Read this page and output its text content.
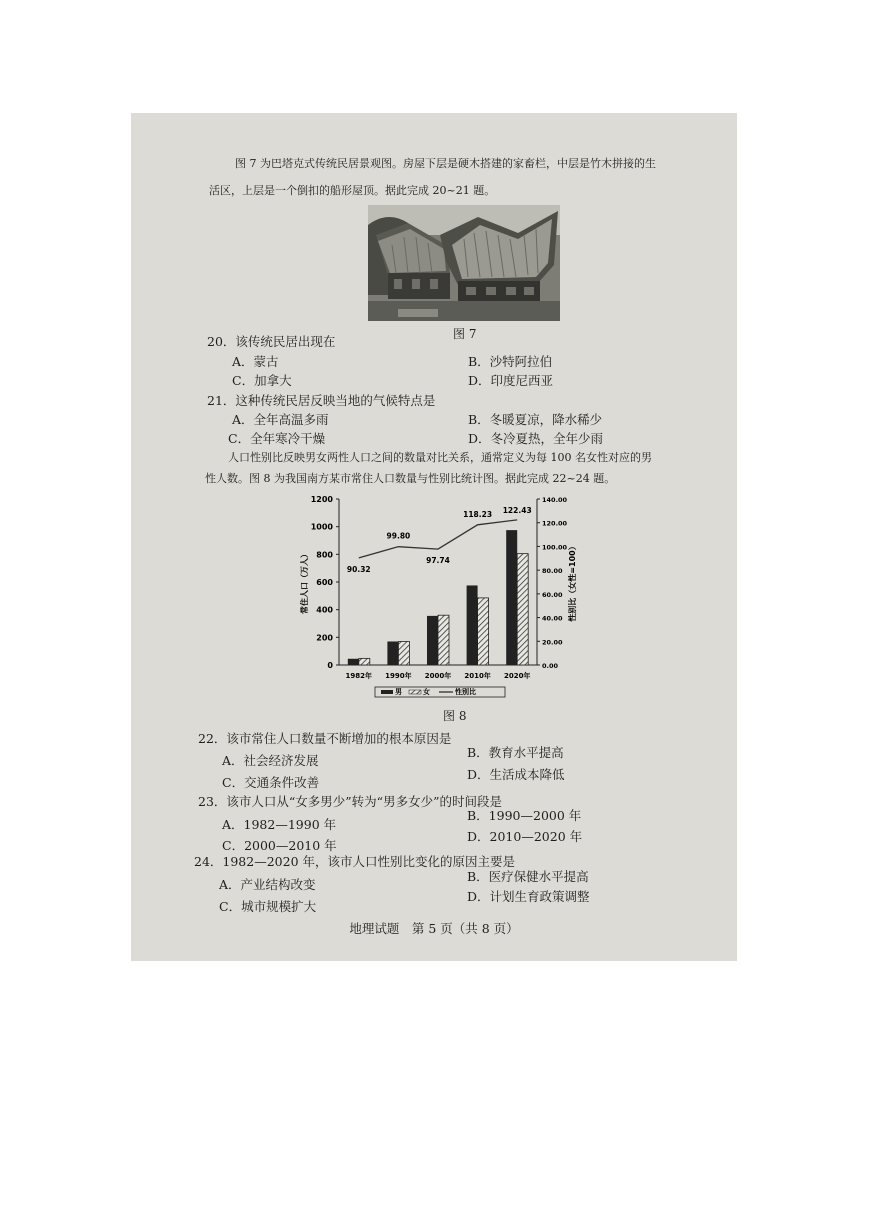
图 7 为巴塔克式传统民居景观图。房屋下层是硬木搭建的家畜栏，中层是竹木拼接的生
活区，上层是一个倒扣的船形屋顶。据此完成 20~21 题。
图 7
20．该传统民居出现在
A．蒙古	B．沙特阿拉伯
C．加拿大	D．印度尼西亚
21．这种传统民居反映当地的气候特点是
A．全年高温多雨	B．冬暖夏凉，降水稀少
C．全年寒冷干燥	D．冬冷夏热，全年少雨
人口性别比反映男女两性人口之间的数量对比关系，通常定义为每 100 名女性对应的男
性人数。图 8 为我国南方某市常住人口数量与性别比统计图。据此完成 22~24 题。
0
200
400
600
800
1000
1200
0.00
20.00
40.00
60.00
80.00
100.00
120.00
140.00
常住人口（万人）	性别比（女性=100）
1982年 1990年 2000年 2010年 2020年
90.32
99.80
97.74
118.23 122.43
男	女	性别比
图 8
22．该市常住人口数量不断增加的根本原因是
A．社会经济发展
B．教育水平提高
C．交通条件改善
D．生活成本降低
23．该市人口从“女多男少”转为“男多女少”的时间段是
A．1982—1990 年
B．1990—2000 年
C．2000—2010 年
D．2010—2020 年
24．1982—2020 年，该市人口性别比变化的原因主要是
A．产业结构改变
B．医疗保健水平提高
C．城市规模扩大
D．计划生育政策调整
地理试题　第 5 页（共 8 页）
